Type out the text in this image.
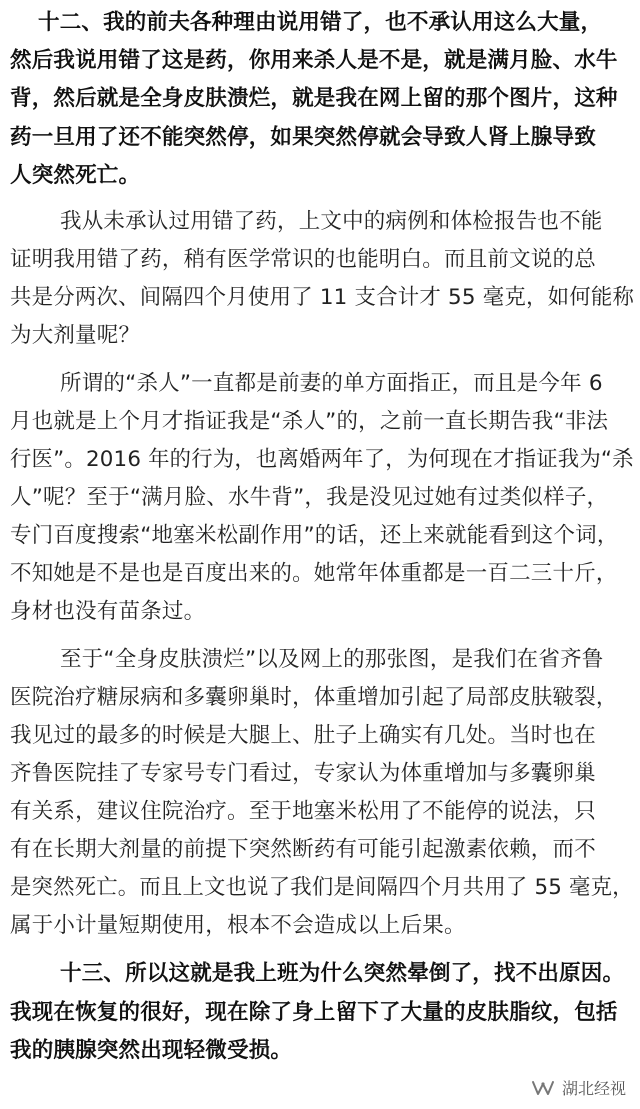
十二、我的前夫各种理由说用错了，也不承认用这么大量，
然后我说用错了这是药，你用来杀人是不是，就是满月脸、水牛
背，然后就是全身皮肤溃烂，就是我在网上留的那个图片，这种
药一旦用了还不能突然停，如果突然停就会导致人肾上腺导致
人突然死亡。
我从未承认过用错了药，上文中的病例和体检报告也不能
证明我用错了药，稍有医学常识的也能明白。而且前文说的总
共是分两次、间隔四个月使用了 11 支合计才 55 毫克，如何能称
为大剂量呢？
所谓的“杀人”一直都是前妻的单方面指正，而且是今年 6
月也就是上个月才指证我是“杀人”的，之前一直长期告我“非法
行医”。2016 年的行为，也离婚两年了，为何现在才指证我为“杀
人”呢？至于“满月脸、水牛背”，我是没见过她有过类似样子，
专门百度搜索“地塞米松副作用”的话，还上来就能看到这个词，
不知她是不是也是百度出来的。她常年体重都是一百二三十斤，
身材也没有苗条过。
至于“全身皮肤溃烂”以及网上的那张图，是我们在省齐鲁
医院治疗糖尿病和多囊卵巢时，体重增加引起了局部皮肤皲裂，
我见过的最多的时候是大腿上、肚子上确实有几处。当时也在
齐鲁医院挂了专家号专门看过，专家认为体重增加与多囊卵巢
有关系，建议住院治疗。至于地塞米松用了不能停的说法，只
有在长期大剂量的前提下突然断药有可能引起激素依赖，而不
是突然死亡。而且上文也说了我们是间隔四个月共用了 55 毫克，
属于小计量短期使用，根本不会造成以上后果。
十三、所以这就是我上班为什么突然晕倒了，找不出原因。
我现在恢复的很好，现在除了身上留下了大量的皮肤脂纹，包括
我的胰腺突然出现轻微受损。
湖北经视
